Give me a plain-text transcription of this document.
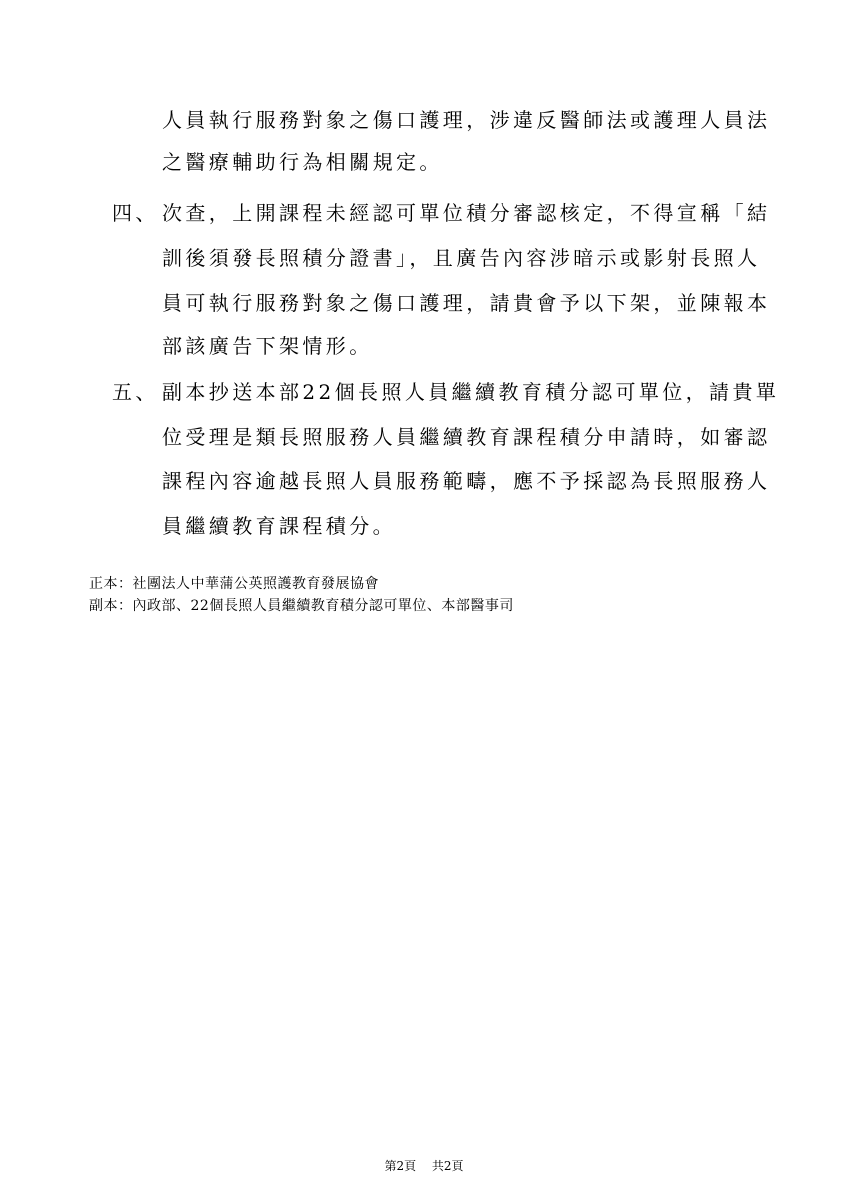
人員執行服務對象之傷口護理，涉違反醫師法或護理人員法
之醫療輔助行為相關規定。
四、 次查，上開課程未經認可單位積分審認核定，不得宣稱「結
訓後須發長照積分證書」，且廣告內容涉暗示或影射長照人
員可執行服務對象之傷口護理，請貴會予以下架，並陳報本
部該廣告下架情形。
五、 副本抄送本部22個長照人員繼續教育積分認可單位，請貴單
位受理是類長照服務人員繼續教育課程積分申請時，如審認
課程內容逾越長照人員服務範疇，應不予採認為長照服務人
員繼續教育課程積分。
正本：社團法人中華蒲公英照護教育發展協會
副本：內政部、22個長照人員繼續教育積分認可單位、本部醫事司
第2頁　 共2頁
